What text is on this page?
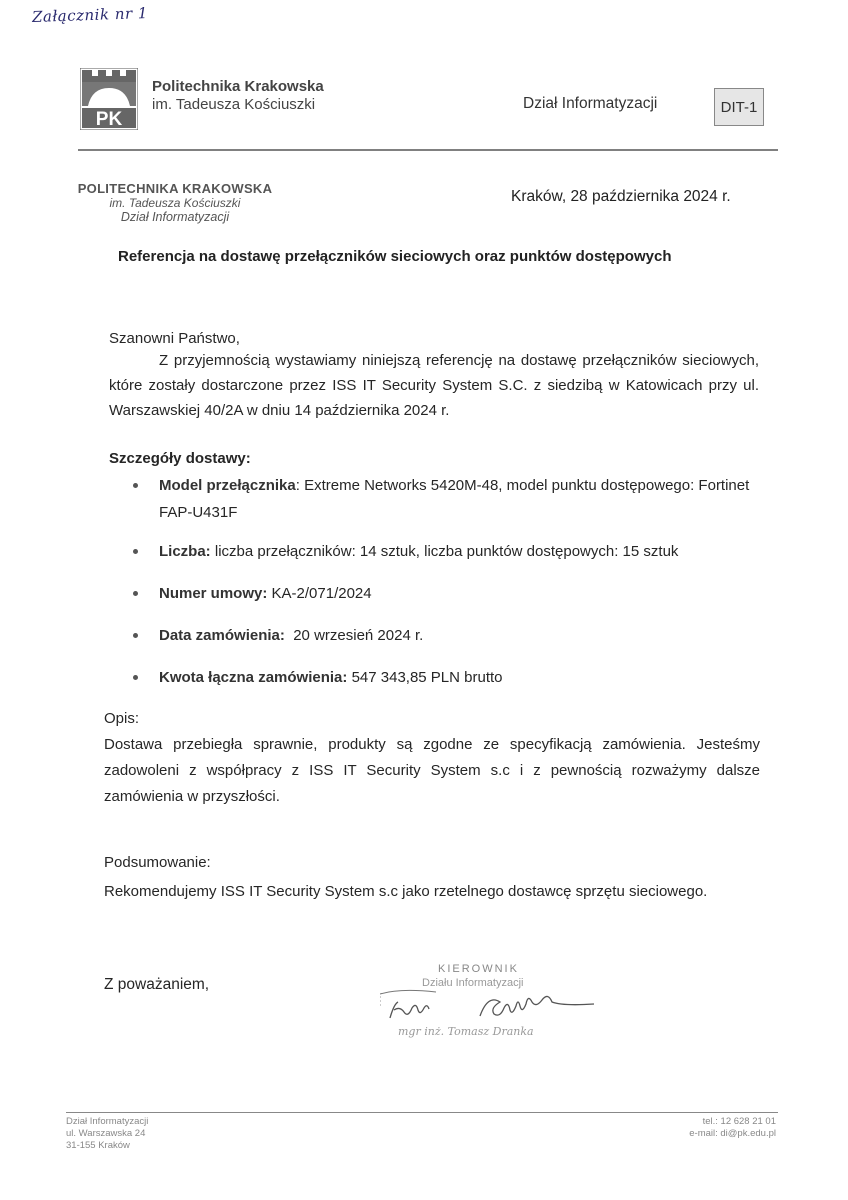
Załącznik nr 1
PK
Politechnika Krakowska
im. Tadeusza Kościuszki	Dział Informatyzacji	DIT-1
POLITECHNIKA KRAKOWSKA
im. Tadeusza Kościuszki
Dział Informatyzacji
Kraków, 28 października 2024 r.
Referencja na dostawę przełączników sieciowych oraz punktów dostępowych
Szanowni Państwo,
Z przyjemnością wystawiamy niniejszą referencję na dostawę przełączników sieciowych, które zostały dostarczone przez ISS IT Security System S.C. z siedzibą w Katowicach przy ul. Warszawskiej 40/2A w dniu 14 października 2024 r.
Szczegóły dostawy:
Model przełącznika: Extreme Networks 5420M-48, model punktu dostępowego: Fortinet FAP-U431F
Liczba: liczba przełączników: 14 sztuk, liczba punktów dostępowych: 15 sztuk
Numer umowy: KA-2/071/2024
Data zamówienia: 20 wrzesień 2024 r.
Kwota łączna zamówienia: 547 343,85 PLN brutto
Opis:
Dostawa przebiegła sprawnie, produkty są zgodne ze specyfikacją zamówienia. Jesteśmy zadowoleni z współpracy z ISS IT Security System s.c i z pewnością rozważymy dalsze zamówienia w przyszłości.
Podsumowanie:
Rekomendujemy ISS IT Security System s.c jako rzetelnego dostawcę sprzętu sieciowego.
Z poważaniem,
KIEROWNIK
Działu Informatyzacji
mgr inż. Tomasz Dranka
Dział Informatyzacji
ul. Warszawska 24
31-155 Kraków
tel.: 12 628 21 01
e-mail: di@pk.edu.pl
